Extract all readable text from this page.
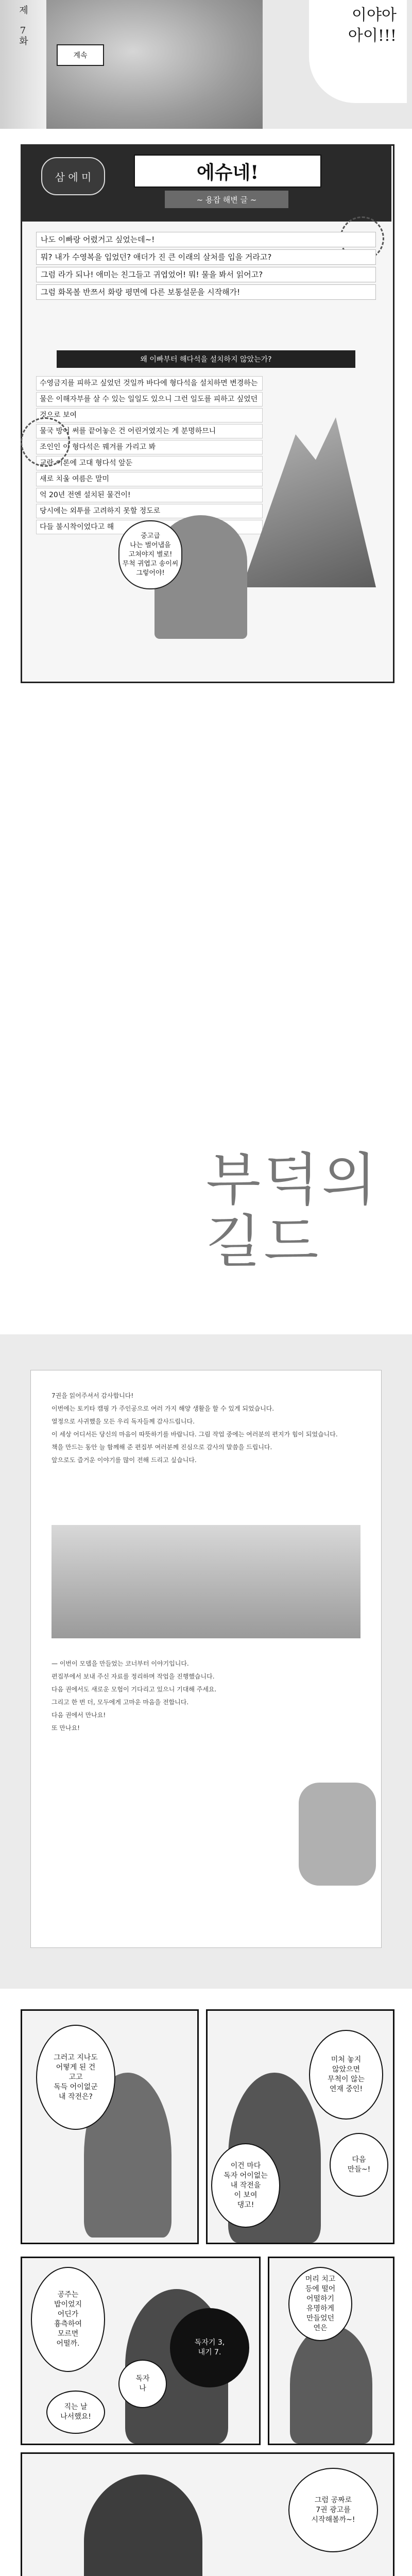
제 7화
계속
이야아
아이!!!
삼 에 미	에슈네!
~ 용잡 해변 글 ~
나도 이빠랑 어렸거고 싶었는데~!
뭐? 내가 수영복을 입었던? 애더가 진 큰 이래의 살처를 입을 거라고?
그럼 라가 되나! 애미는 친그들고 귀엽었어! 뭐! 물을 봐서 읽어고?
그럼 화목볼 반쯔서 화랑 평면에 다른 보통설문을 시작해가!
왜 이빠부터 해다석을 설치하지 않았는가?
수영금지를 피하고 싶었던 것일까 바다에 형다석을 설치하면 변경하는
물은 이해자부를 살 수 있는 일일도 있으니 그런 일도를 피하고 싶었던
것으로 보여
물국 방어 써를 끝어놓은 건 어린거였지는 게 분명하므니
조인인 이 형다석은 꿰겨를 가리고 봐
교란 이론에 고대 형다석 앞둔
새로 치울 여름은 말미
억 20년 전엔 설치된 물건이!
당시에는 외투를 고려하지 못할 정도로
다들 불시착이었다고 해
중고급
나는 벌어냅을
고쳐야지 별로!
무척 귀엽고 송이씨
그렇어야!
부덕의 길드

7권을 읽어주셔서 감사합니다!

이번에는 토키타 캠핑 가 주인공으로 여러 가지 해양 생활을 할 수 있게 되었습니다.

열정으로 사귀했을 모든 우리 독자들께 감사드립니다.

이 세상 어디서든 당신의 마음이 따뜻하기를 바랍니다. 그림 작업 중에는 여러분의 편지가 힘이 되었습니다.

책을 만드는 동안 늘 함께해 준 편집부 여러분께 진심으로 감사의 말씀을 드립니다.

앞으로도 즐거운 이야기를 많이 전해 드리고 싶습니다.

— 이번이 모델을 만들었는 코너부터 이야기입니다.

편집부에서 보내 주신 자료를 정리하며 작업을 진행했습니다.

다음 권에서도 새로운 모험이 기다리고 있으니 기대해 주세요.

그리고 한 번 더, 모두에게 고마운 마음을 전합니다.

다음 권에서 만나요!

또 만나요!

그러고 지나도
어떻게 된 건
고고
독득 어이없군
내 작전은?
미처 놓지
않았으면
무척이 않는
연재 중인!
다음
만들~!
이건 마다
독자 어이없는
내 작전을
이 보여
댕고!
공주는
밥이었지
어딘가
흉측하여
모르면
어떨까.	독자기 3,
내기 7.
독자
나
직는 날
나서했요!
머리 치고
등에 떨어
어떨하기
유명하게
만들었던
연은
그럼 공짜로
7권 광고를
시작해볼까~!
